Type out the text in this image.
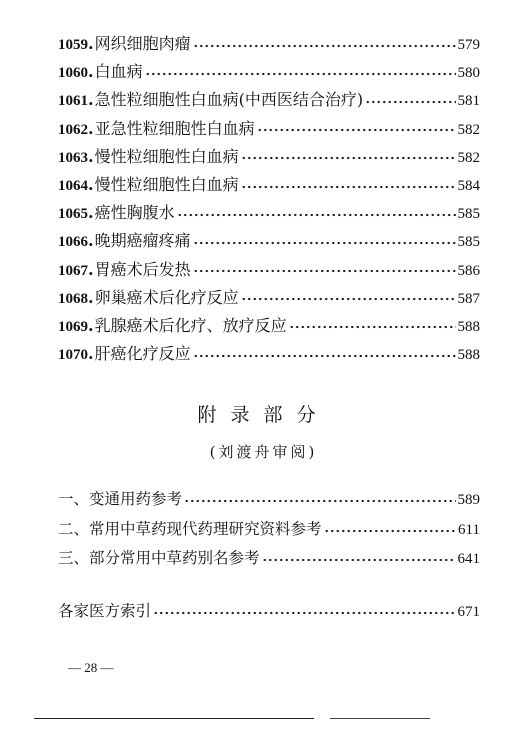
1059 . 网织细胞肉瘤	579
1060 . 白血病	580
1061 . 急性粒细胞性白血病(中西医结合治疗)	581
1062 . 亚急性粒细胞性白血病	582
1063 . 慢性粒细胞性白血病	582
1064 . 慢性粒细胞性白血病	584
1065 . 癌性胸腹水	585
1066 . 晚期癌瘤疼痛	585
1067 . 胃癌术后发热	586
1068 . 卵巢癌术后化疗反应	587
1069 . 乳腺癌术后化疗、放疗反应	588
1070 . 肝癌化疗反应	588
附录部分
(刘渡舟审阅)
一、变通用药参考	589
二、常用中草药现代药理研究资料参考	611
三、部分常用中草药别名参考	641
各家医方索引	671
— 28 —
